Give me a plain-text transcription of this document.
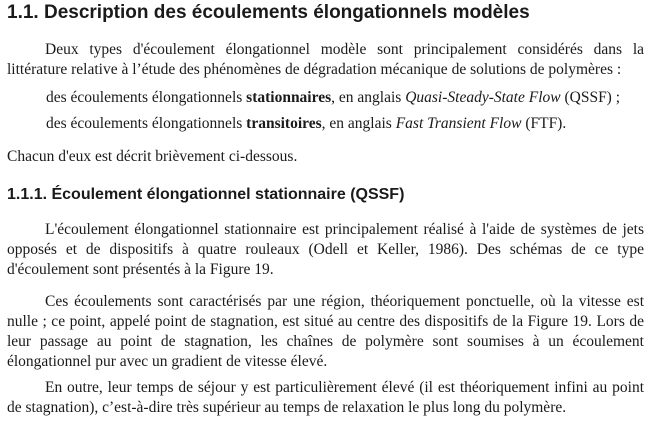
1.1. Description des écoulements élongationnels modèles

Deux types d'écoulement élongationnel modèle sont principalement considérés dans la
littérature relative à l’étude des phénomènes de dégradation mécanique de solutions de polymères :

des écoulements élongationnels stationnaires, en anglais Quasi-Steady-State Flow (QSSF) ;

des écoulements élongationnels transitoires, en anglais Fast Transient Flow (FTF).

Chacun d'eux est décrit brièvement ci-dessous.

1.1.1. Écoulement élongationnel stationnaire (QSSF)

L'écoulement élongationnel stationnaire est principalement réalisé à l'aide de systèmes de jets opposés et de dispositifs à quatre rouleaux (Odell et Keller, 1986). Des schémas de ce type
d'écoulement sont présentés à la Figure 19.

Ces écoulements sont caractérisés par une région, théoriquement ponctuelle, où la vitesse est nulle ; ce point, appelé point de stagnation, est situé au centre des dispositifs de la Figure 19. Lors de leur passage au point de stagnation, les chaînes de polymère sont soumises à un écoulement
élongationnel pur avec un gradient de vitesse élevé.

En outre, leur temps de séjour y est particulièrement élevé (il est théoriquement infini au point
de stagnation), c’est-à-dire très supérieur au temps de relaxation le plus long du polymère.
